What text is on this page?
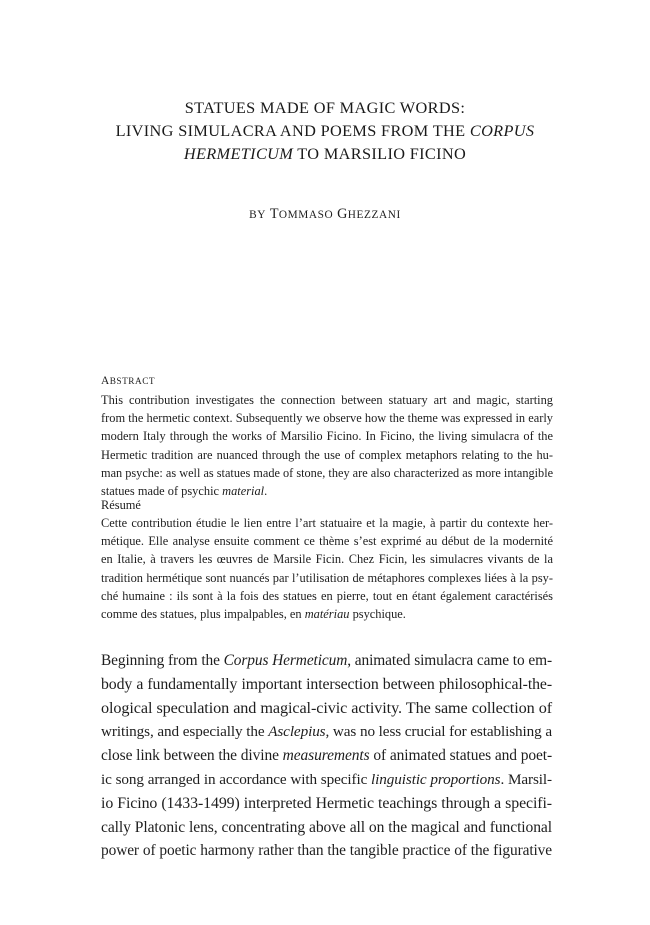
STATUES MADE OF MAGIC WORDS:
LIVING SIMULACRA AND POEMS FROM THE CORPUS
HERMETICUM TO MARSILIO FICINO
BY TOMMASO GHEZZANI
ABSTRACT
This contribution investigates the connection between statuary art and magic, starting
from the hermetic context. Subsequently we observe how the theme was expressed in early
modern Italy through the works of Marsilio Ficino. In Ficino, the living simulacra of the
Hermetic tradition are nuanced through the use of complex metaphors relating to the hu-
man psyche: as well as statues made of stone, they are also characterized as more intangible
statues made of psychic material.
Résumé
Cette contribution étudie le lien entre l’art statuaire et la magie, à partir du contexte her-
métique. Elle analyse ensuite comment ce thème s’est exprimé au début de la modernité
en Italie, à travers les œuvres de Marsile Ficin. Chez Ficin, les simulacres vivants de la
tradition hermétique sont nuancés par l’utilisation de métaphores complexes liées à la psy-
ché humaine : ils sont à la fois des statues en pierre, tout en étant également caractérisés
comme des statues, plus impalpables, en matériau psychique.
Beginning from the Corpus Hermeticum, animated simulacra came to em-
body a fundamentally important intersection between philosophical-the-
ological speculation and magical-civic activity. The same collection of
writings, and especially the Asclepius, was no less crucial for establishing a
close link between the divine measurements of animated statues and poet-
ic song arranged in accordance with specific linguistic proportions. Marsil-
io Ficino (1433-1499) interpreted Hermetic teachings through a specifi-
cally Platonic lens, concentrating above all on the magical and functional
power of poetic harmony rather than the tangible practice of the figurative
